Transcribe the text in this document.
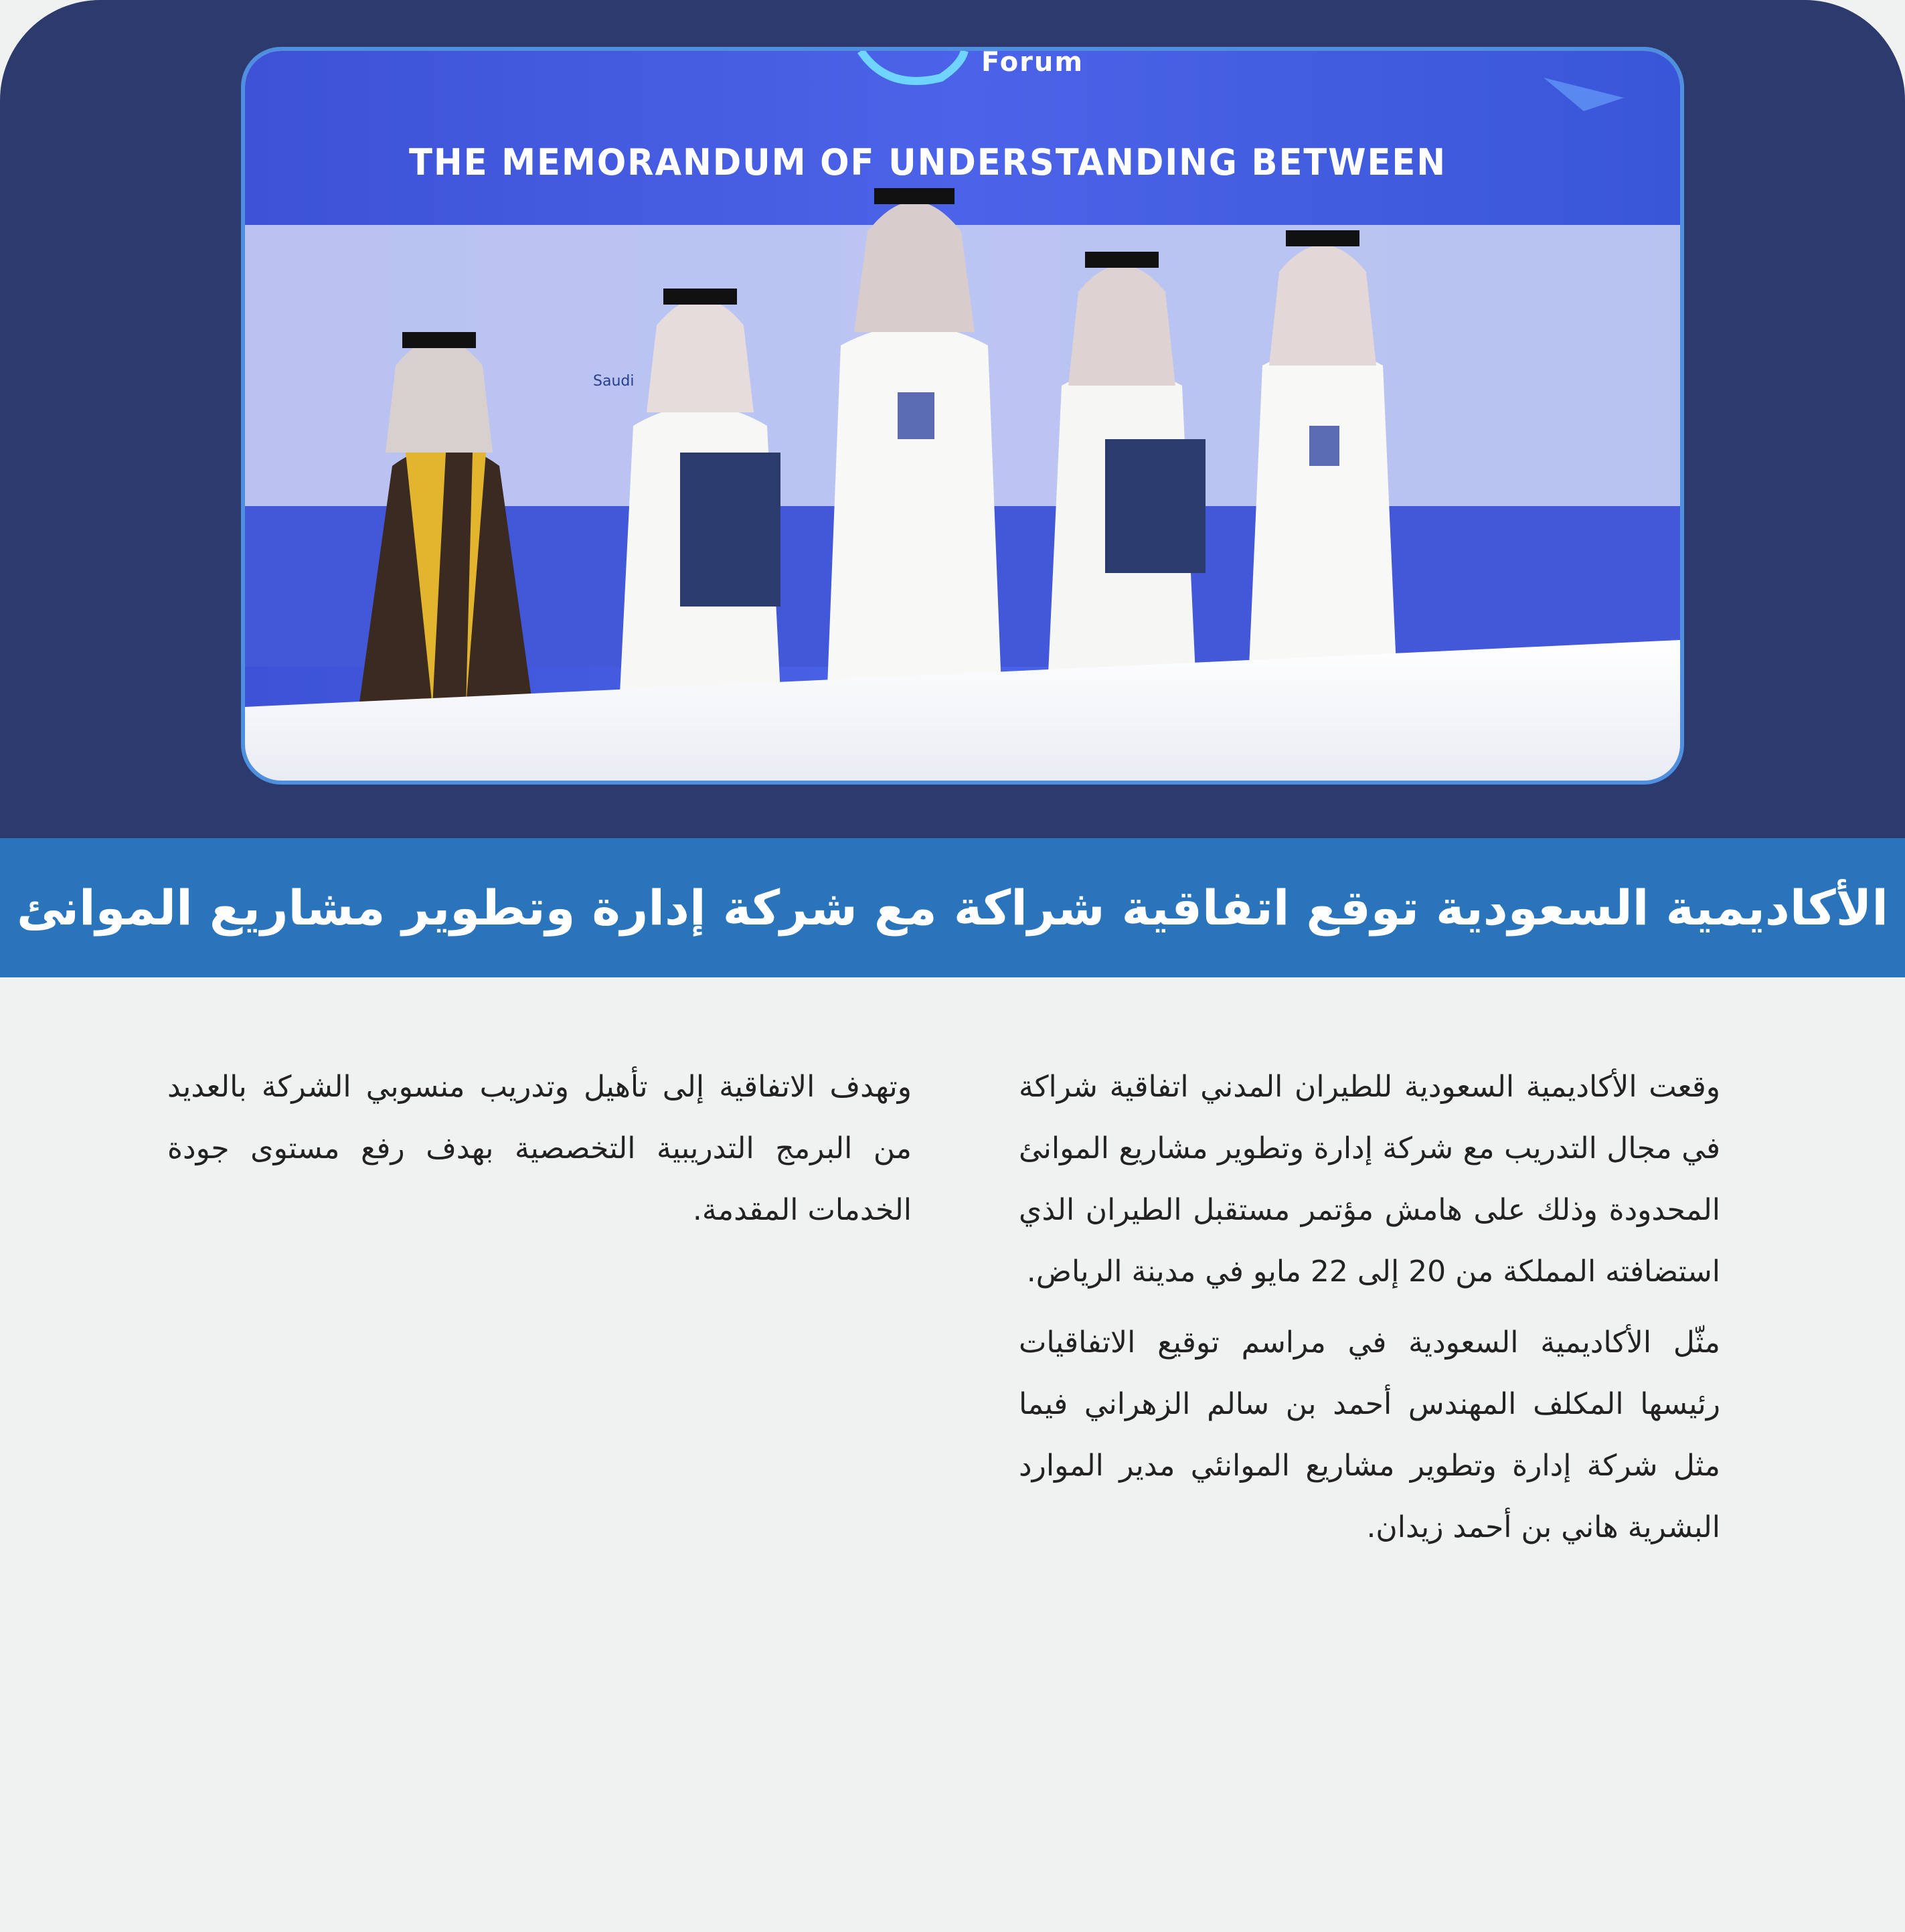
Forum
THE MEMORANDUM OF UNDERSTANDING BETWEEN
Saudi
الأكاديمية السعودية توقع اتفاقية شراكة مع شركة إدارة وتطوير مشاريع الموانئ

وقعت الأكاديمية السعودية للطيران المدني اتفاقية شراكة في مجال التدريب مع شركة إدارة وتطوير مشاريع الموانئ المحدودة وذلك على هامش مؤتمر مستقبل الطيران الذي استضافته المملكة من 20 إلى 22 مايو في مدينة الرياض.

مثّل الأكاديمية السعودية في مراسم توقيع الاتفاقيات رئيسها المكلف المهندس أحمد بن سالم الزهراني فيما مثل شركة إدارة وتطوير مشاريع الموانئي مدير الموارد البشرية هاني بن أحمد زيدان.

وتهدف الاتفاقية إلى تأهيل وتدريب منسوبي الشركة بالعديد من البرمج التدريبية التخصصية بهدف رفع مستوى جودة الخدمات المقدمة.
